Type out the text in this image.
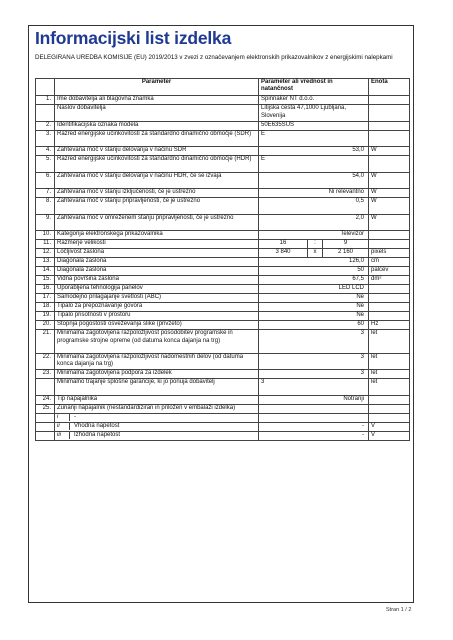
Informacijski list izdelka
DELEGIRANA UREDBA KOMISIJE (EU) 2019/2013 v zvezi z označevanjem elektronskih prikazovalnikov z energijskimi nalepkami
	Parameter	Parameter ali vrednost in natančnost	Enota
1.	Ime dobavitelja ali blagovna znamka	Spinnaker NT d.o.o.	
	Naslov dobavitelja	Litijska cesta 47,1000 Ljubljana, Slovenija	
2.	Identifikacijska oznaka modela	50E635SUS	
3.	Razred energijske učinkovitosti za standardno dinamično območje (SDR)	E	
4.	Zahtevana moč v stanju delovanja v načinu SDR	53,0	W
5.	Razred energijske učinkovitosti za standardno dinamično območje (HDR)	E	
6.	Zahtevana moč v stanju delovanja v načinu HDR, če se izvaja	54,0	W
7.	Zahtevana moč v stanju izključenosti, če je ustrezno	Ni relevantno	W
8.	Zahtevana moč v stanju pripravljenosti, če je ustrezno	0,5	W
9.	Zahtevana moč v omreženem stanju pripravljenosti, če je ustrezno	2,0	W
10.	Kategorija elektronskega prikazovalnika	Televizor	
11.	Razmerje velikosti	16 : 9	

12.	Ločljivost zaslona	3 840 x 2 160	pixels
13.	Diagonala zaslona	126,0	cm
14.	Diagonala zaslona	50	palcev
15.	Vidna površina zaslona	67,5	dm²
16.	Uporabljena tehnologija panelov	LED LCD	
17.	Samodejno prilagajanje svetlosti (ABC)	Ne	
18.	Tipalo za prepoznavanje govora	Ne	
19.	Tipalo prisotnosti v prostoru	Ne	
20.	Stopnja pogostosti osveževanja slike (privzeto)	60	Hz
21.	Minimalna zagotovljena razpoložljivost posodobitev programske in programske strojne opreme (od datuma konca dajanja na trg)	3	let
22.	Minimalna zagotovljena razpoložljivost nadomestnih delov (od datuma konca dajanja na trg)	3	let
23.	Minimalna zagotovljena podpora za izdelek	3	let
	Minimalno trajanje splošne garancije, ki jo ponuja dobavitelj	3	let
24.	Tip napajalnika	Notranji	
25.	Zunanji napajalnik (nestandardiziran in priložen v embalaži izdelka)		

	i -		

	ii Vhodna napetost	-	V

	iii Izhodna napetost	-	V
Stran 1 / 2
